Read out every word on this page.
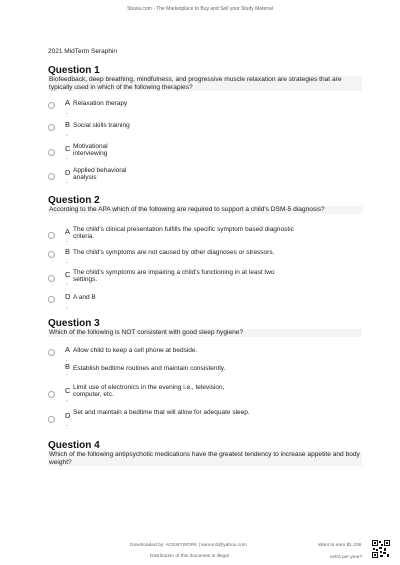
Stuvia.com - The Marketplace to Buy and Sell your Study Material
2021 MidTerm Seraphin
Question 1
Biofeedback, deep breathing, mindfulness, and progressive muscle relaxation are strategies that are typically used in which of the following therapies?
A
.
Relaxation therapy
B
.
Social skills training
C
.
Motivational interviewing
D
.
Applied behavioral analysis
Question 2
According to the APA which of the following are required to support a child's DSM-5 diagnosis?
A
.
The child's clinical presentation fulfills the specific symptom based diagnostic criteria.
B
.
The child's symptoms are not caused by other diagnoses or stressors.
C
.
The child's symptoms are impairing a child's functioning in at least two settings.
D
.
A and B
Question 3
Which of the following is NOT consistent with good sleep hygiene?
A
.
Allow child to keep a cell phone at bedside.
B
.
Establish bedtime routines and maintain consistently.
C
.
Limit use of electronics in the evening i.e., television, computer, etc.
D
.
Set and maintain a bedtime that will allow for adequate sleep.
Question 4
Which of the following antipsychotic medications have the greatest tendency to increase appetite and body weight?
Downloaded by: ACEMYWORK | kamun3@yahoo.com
Distribution of this document is illegal
Want to earn $1.236
extra per year?
